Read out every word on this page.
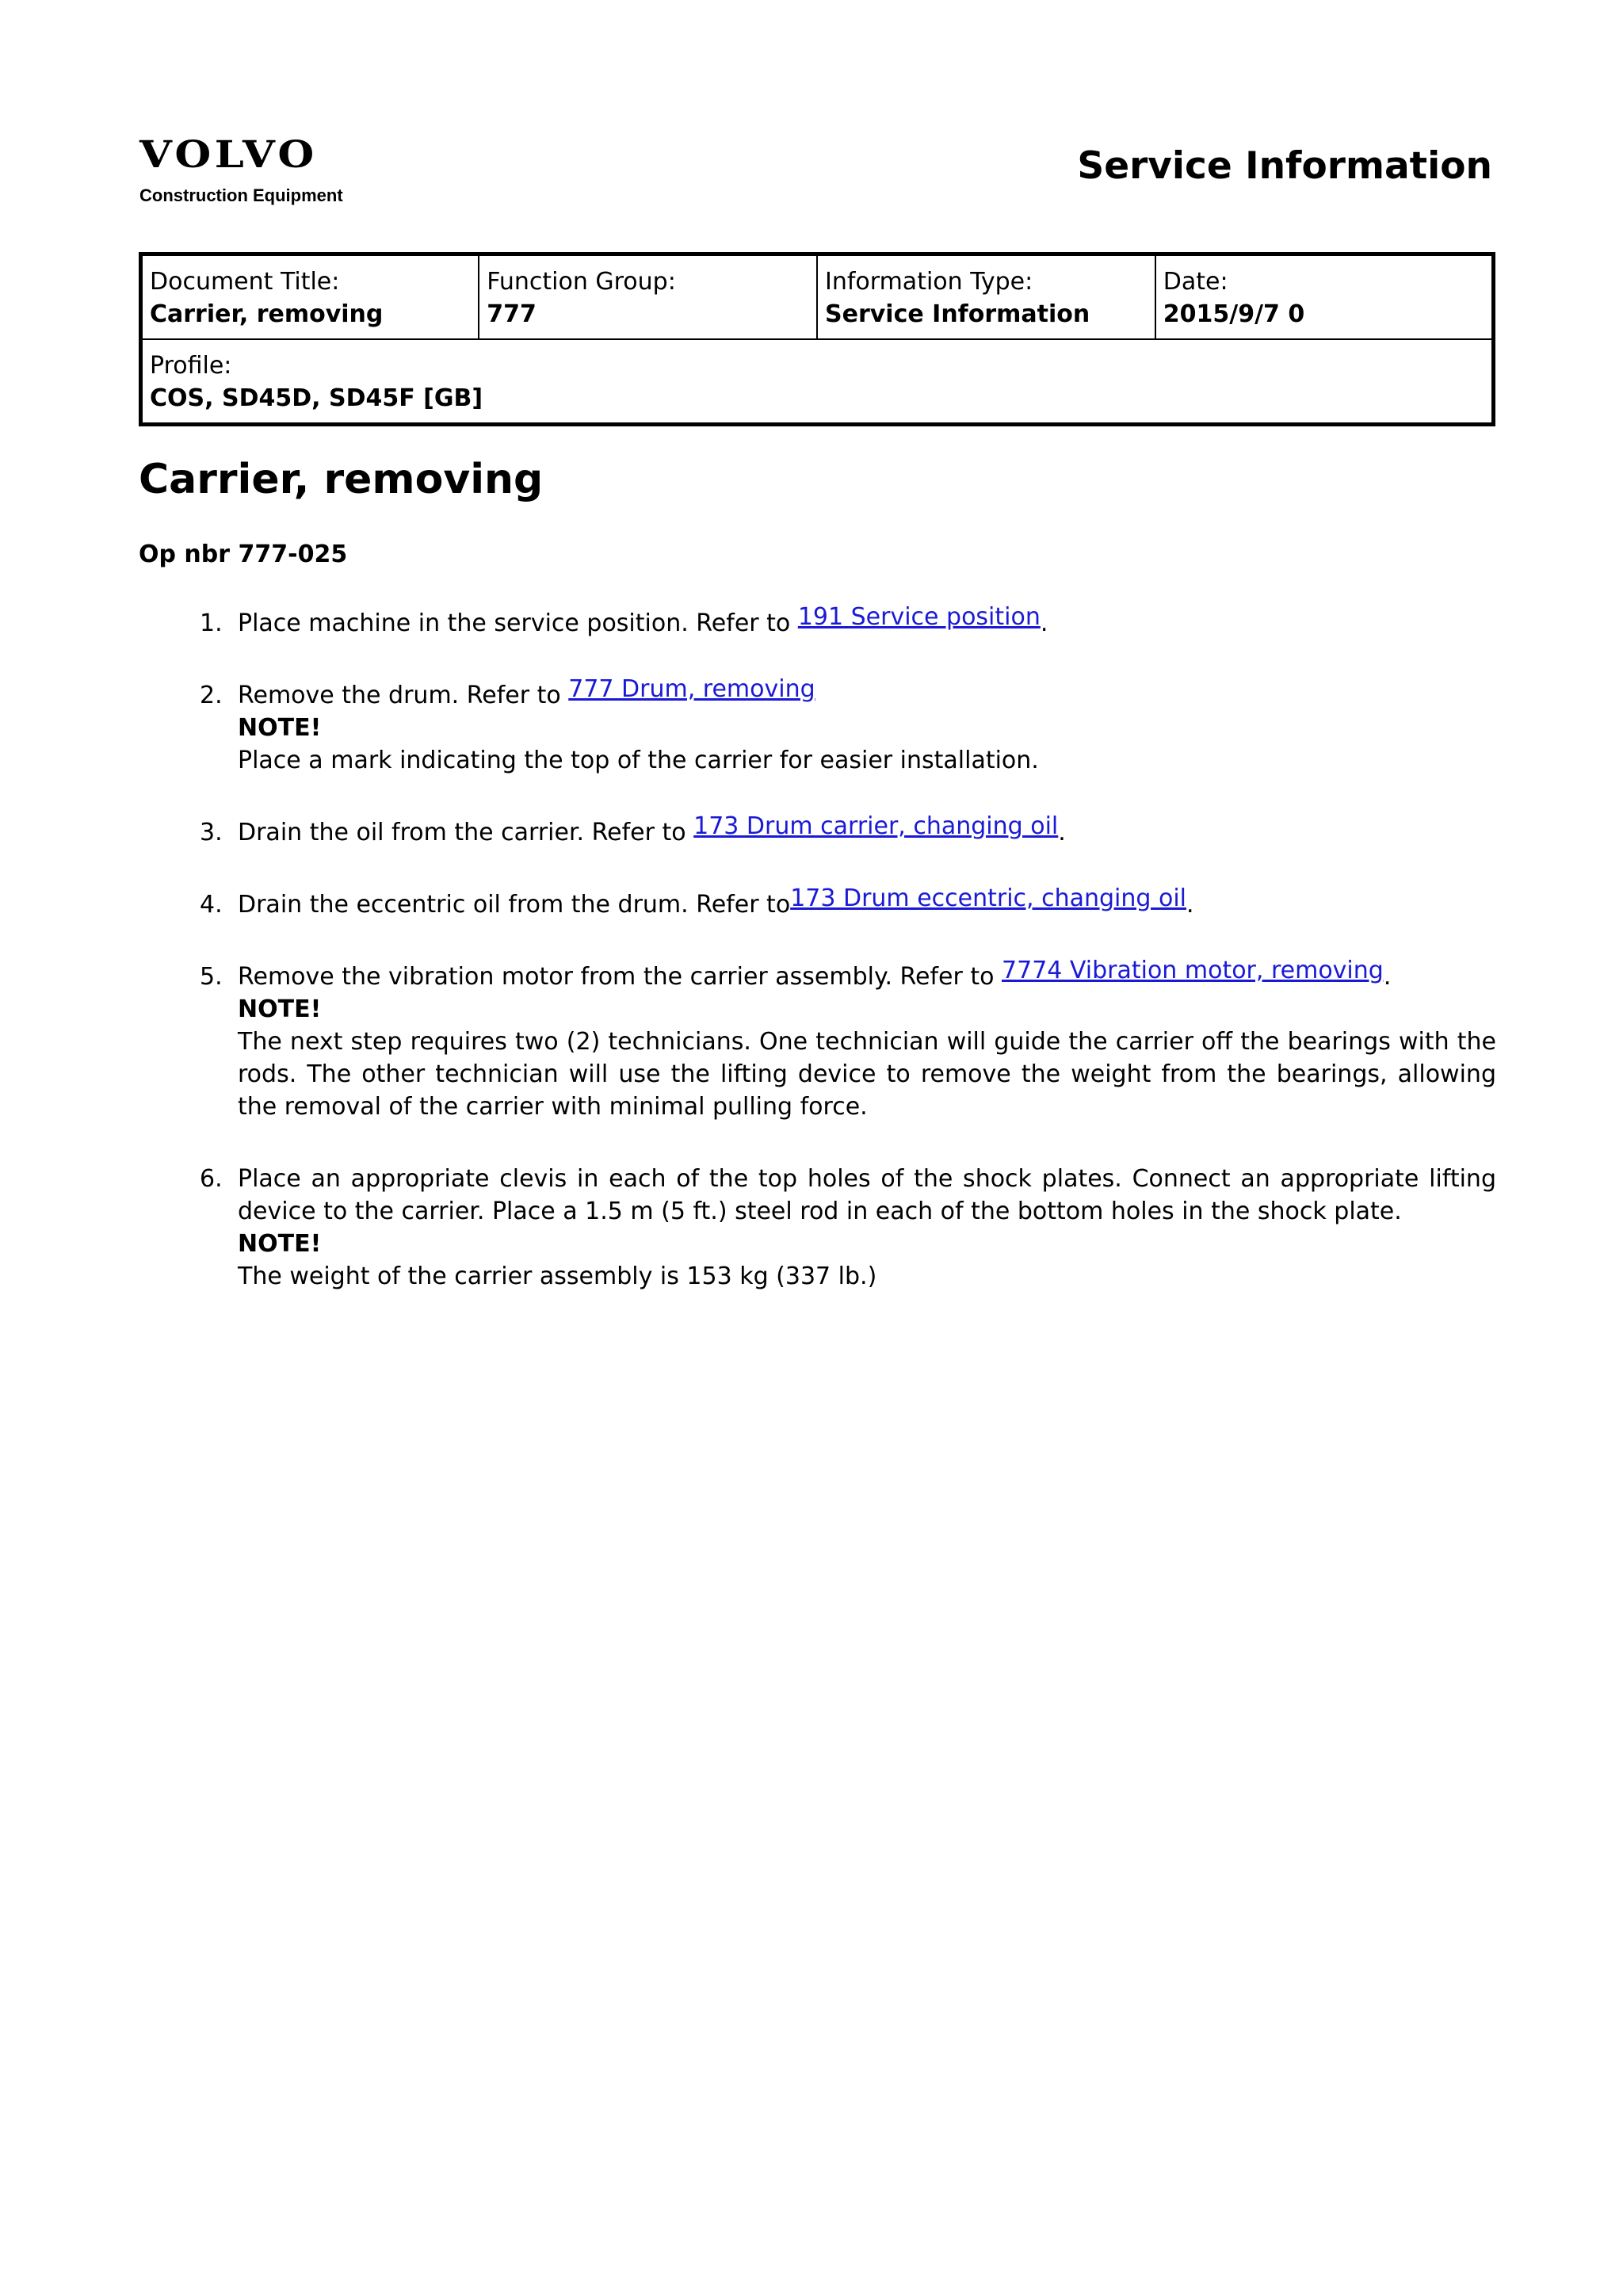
VOLVO
Construction Equipment
Service Information
Document Title:
Carrier, removing

Function Group:
777

Information Type:
Service Information

Date:
2015/9/7 0

Profile:
COS, SD45D, SD45F [GB]
Carrier, removing
Op nbr 777-025
1. Place machine in the service position. Refer to 191 Service position.
2. Remove the drum. Refer to 777 Drum, removing
NOTE!
Place a mark indicating the top of the carrier for easier installation.
3. Drain the oil from the carrier. Refer to 173 Drum carrier, changing oil.
4. Drain the eccentric oil from the drum. Refer to173 Drum eccentric, changing oil.
5. Remove the vibration motor from the carrier assembly. Refer to 7774 Vibration motor, removing.
NOTE!
The next step requires two (2) technicians. One technician will guide the carrier off the bearings with the rods. The other technician will use the lifting device to remove the weight from the bearings, allowing the removal of the carrier with minimal pulling force.
6. Place an appropriate clevis in each of the top holes of the shock plates. Connect an appropriate lifting device to the carrier. Place a 1.5 m (5 ft.) steel rod in each of the bottom holes in the shock plate.
NOTE!
The weight of the carrier assembly is 153 kg (337 lb.)
